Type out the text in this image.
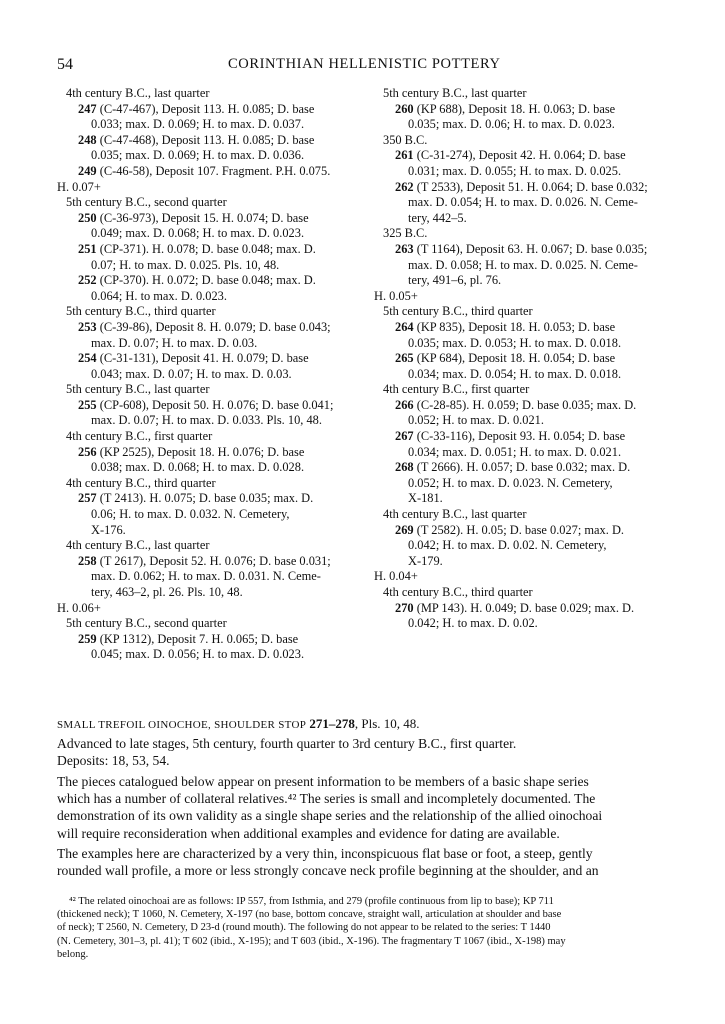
54	CORINTHIAN HELLENISTIC POTTERY
4th century B.C., last quarter
247 (C-47-467), Deposit 113. H. 0.085; D. base
0.033; max. D. 0.069; H. to max. D. 0.037.
248 (C-47-468), Deposit 113. H. 0.085; D. base
0.035; max. D. 0.069; H. to max. D. 0.036.
249 (C-46-58), Deposit 107. Fragment. P.H. 0.075.
H. 0.07+
5th century B.C., second quarter
250 (C-36-973), Deposit 15. H. 0.074; D. base
0.049; max. D. 0.068; H. to max. D. 0.023.
251 (CP-371). H. 0.078; D. base 0.048; max. D.
0.07; H. to max. D. 0.025. Pls. 10, 48.
252 (CP-370). H. 0.072; D. base 0.048; max. D.
0.064; H. to max. D. 0.023.
5th century B.C., third quarter
253 (C-39-86), Deposit 8. H. 0.079; D. base 0.043;
max. D. 0.07; H. to max. D. 0.03.
254 (C-31-131), Deposit 41. H. 0.079; D. base
0.043; max. D. 0.07; H. to max. D. 0.03.
5th century B.C., last quarter
255 (CP-608), Deposit 50. H. 0.076; D. base 0.041;
max. D. 0.07; H. to max. D. 0.033. Pls. 10, 48.
4th century B.C., first quarter
256 (KP 2525), Deposit 18. H. 0.076; D. base
0.038; max. D. 0.068; H. to max. D. 0.028.
4th century B.C., third quarter
257 (T 2413). H. 0.075; D. base 0.035; max. D.
0.06; H. to max. D. 0.032. N. Cemetery,
X-176.
4th century B.C., last quarter
258 (T 2617), Deposit 52. H. 0.076; D. base 0.031;
max. D. 0.062; H. to max. D. 0.031. N. Ceme-
tery, 463–2, pl. 26. Pls. 10, 48.
H. 0.06+
5th century B.C., second quarter
259 (KP 1312), Deposit 7. H. 0.065; D. base
0.045; max. D. 0.056; H. to max. D. 0.023.
5th century B.C., last quarter
260 (KP 688), Deposit 18. H. 0.063; D. base
0.035; max. D. 0.06; H. to max. D. 0.023.
350 B.C.
261 (C-31-274), Deposit 42. H. 0.064; D. base
0.031; max. D. 0.055; H. to max. D. 0.025.
262 (T 2533), Deposit 51. H. 0.064; D. base 0.032;
max. D. 0.054; H. to max. D. 0.026. N. Ceme-
tery, 442–5.
325 B.C.
263 (T 1164), Deposit 63. H. 0.067; D. base 0.035;
max. D. 0.058; H. to max. D. 0.025. N. Ceme-
tery, 491–6, pl. 76.
H. 0.05+
5th century B.C., third quarter
264 (KP 835), Deposit 18. H. 0.053; D. base
0.035; max. D. 0.053; H. to max. D. 0.018.
265 (KP 684), Deposit 18. H. 0.054; D. base
0.034; max. D. 0.054; H. to max. D. 0.018.
4th century B.C., first quarter
266 (C-28-85). H. 0.059; D. base 0.035; max. D.
0.052; H. to max. D. 0.021.
267 (C-33-116), Deposit 93. H. 0.054; D. base
0.034; max. D. 0.051; H. to max. D. 0.021.
268 (T 2666). H. 0.057; D. base 0.032; max. D.
0.052; H. to max. D. 0.023. N. Cemetery,
X-181.
4th century B.C., last quarter
269 (T 2582). H. 0.05; D. base 0.027; max. D.
0.042; H. to max. D. 0.02. N. Cemetery,
X-179.
H. 0.04+
4th century B.C., third quarter
270 (MP 143). H. 0.049; D. base 0.029; max. D.
0.042; H. to max. D. 0.02.
SMALL TREFOIL OINOCHOE, SHOULDER STOP 271–278, Pls. 10, 48.
Advanced to late stages, 5th century, fourth quarter to 3rd century B.C., first quarter.
Deposits: 18, 53, 54.
The pieces catalogued below appear on present information to be members of a basic shape series
which has a number of collateral relatives.⁴² The series is small and incompletely documented. The
demonstration of its own validity as a single shape series and the relationship of the allied oinochoai
will require reconsideration when additional examples and evidence for dating are available.
The examples here are characterized by a very thin, inconspicuous flat base or foot, a steep, gently
rounded wall profile, a more or less strongly concave neck profile beginning at the shoulder, and an
⁴² The related oinochoai are as follows: IP 557, from Isthmia, and 279 (profile continuous from lip to base); KP 711
(thickened neck); T 1060, N. Cemetery, X-197 (no base, bottom concave, straight wall, articulation at shoulder and base
of neck); T 2560, N. Cemetery, D 23-d (round mouth). The following do not appear to be related to the series: T 1440
(N. Cemetery, 301–3, pl. 41); T 602 (ibid., X-195); and T 603 (ibid., X-196). The fragmentary T 1067 (ibid., X-198) may
belong.
